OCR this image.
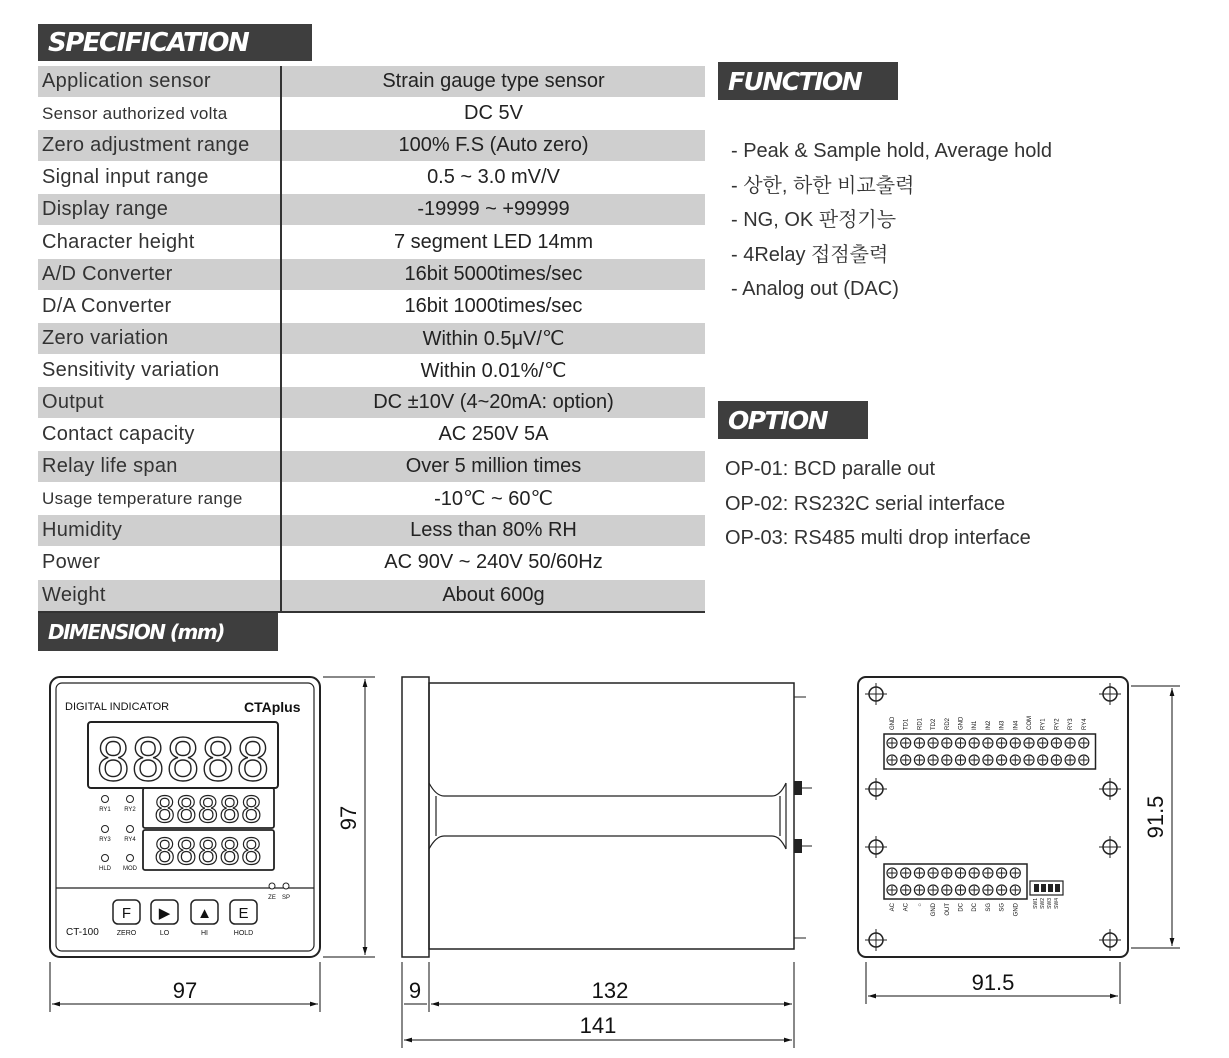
SPECIFICATION
Application sensor	Strain gauge type sensor
Sensor authorized volta	DC 5V
Zero adjustment range	100% F.S (Auto zero)
Signal input range	0.5 ~ 3.0 mV/V
Display range	-19999 ~ +99999
Character height	7 segment LED 14mm
A/D Converter	16bit 5000times/sec
D/A Converter	16bit 1000times/sec
Zero variation	Within 0.5μV/℃
Sensitivity variation	Within 0.01%/℃
Output	DC ±10V (4~20mA: option)
Contact capacity	AC 250V 5A
Relay life span	Over 5 million times
Usage temperature range	-10℃ ~ 60℃
Humidity	Less than 80% RH
Power	AC 90V ~ 240V 50/60Hz
Weight	About 600g
FUNCTION
- Peak & Sample hold, Average hold
- 상한, 하한 비교출력
- NG, OK 판정기능
- 4Relay 접점출력
- Analog out (DAC)
OPTION
OP-01: BCD paralle out
OP-02: RS232C serial interface
OP-03: RS485 multi drop interface
DIMENSION (mm)
DIGITAL INDICATOR	CTAplus
88888
88888
88888
RY1 RY2
RY3 RY4
HLD MOD
ZE SP
F ▶ ▲ E
CT-100	ZERO	LO	HI	HOLD
97
97
9	132
141
GND TD1 RD1 TD2 RD2 GND IN1 IN2 IN3 IN4 COM RY1 RY2 RY3 RY4
AC AC ○ GND OUT DC DC SG SG GND	SW1 SW2 SW3 SW4
91.5
91.5
